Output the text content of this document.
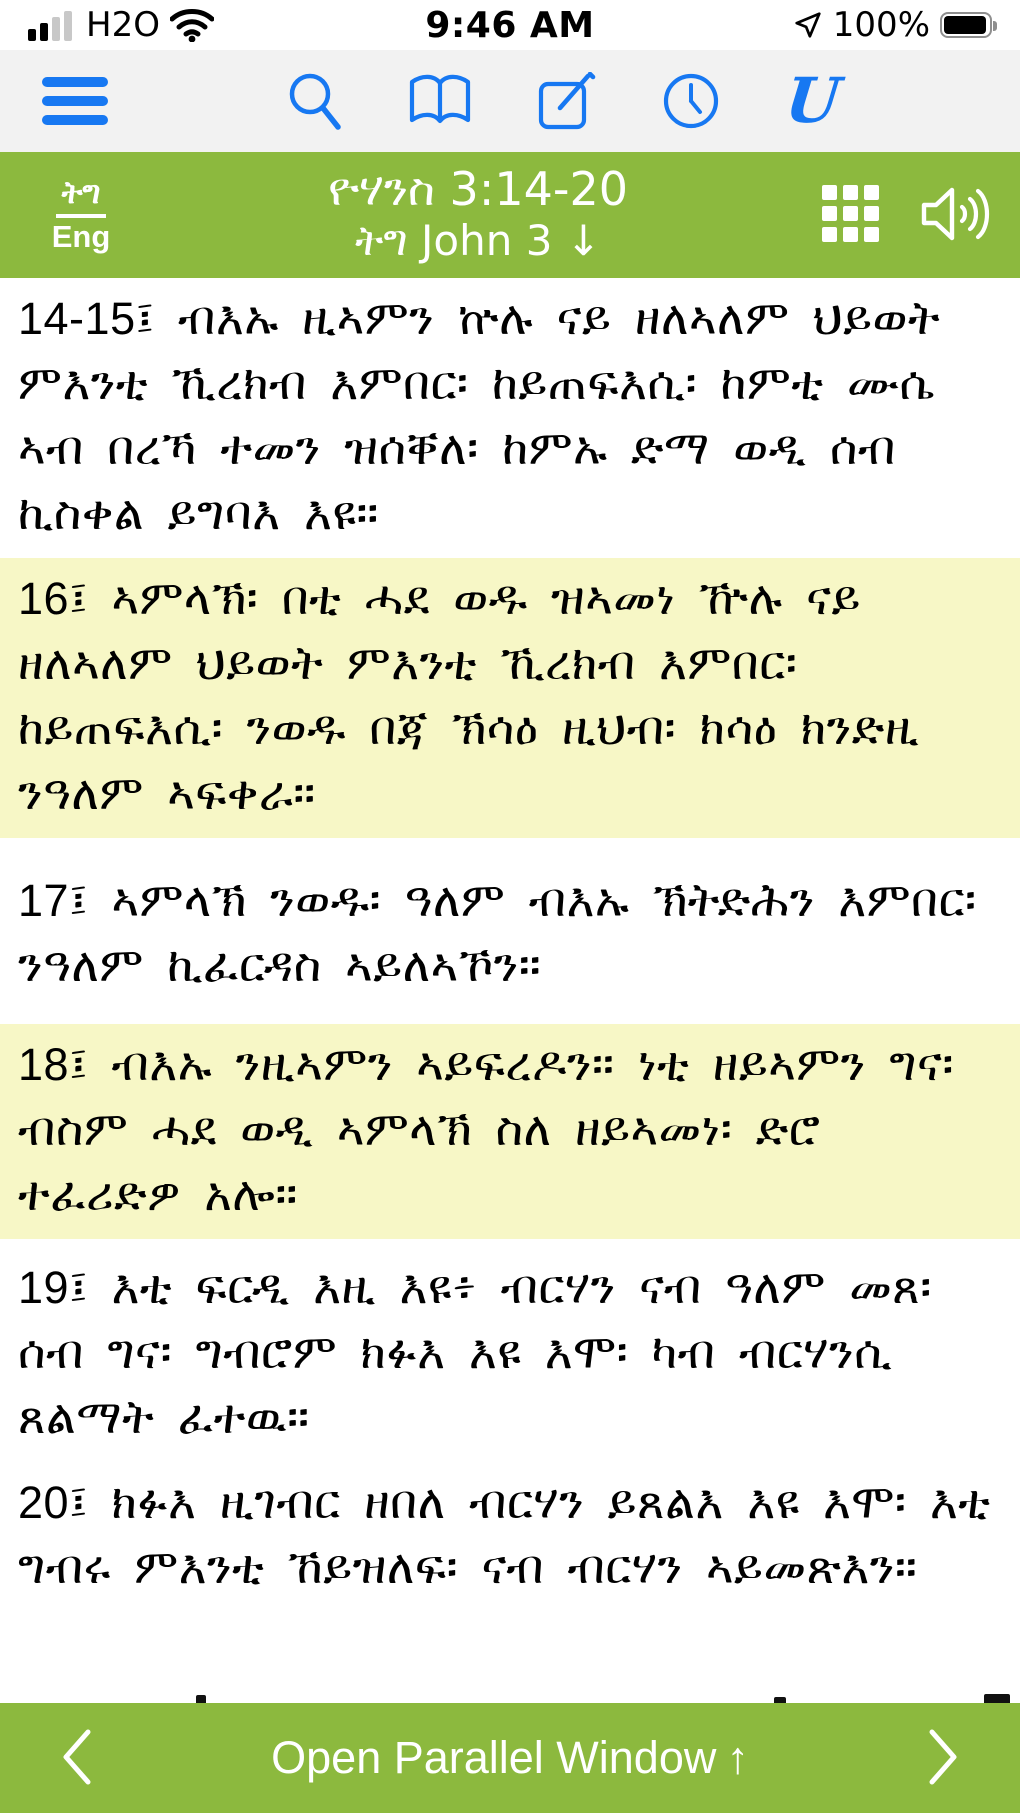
H2O	9:46 AM	100%
U
ትግ
Eng
ዮሃንስ 3:14-20
ትግ John 3 ↓

14-15፤ ብእኡ ዚኣምን ኵሉ ናይ ዘለኣለም ህይወት ምእንቲ ኺረክብ እምበር፡ ከይጠፍእሲ፡ ከምቲ ሙሴ ኣብ በረኻ ተመን ዝሰቐለ፡ ከምኡ ድማ ወዲ ሰብ ኪስቀል ይግባእ እዩ።

16፤ ኣምላኽ፡ በቲ ሓደ ወዱ ዝኣመነ ዅሉ ናይ ዘለኣለም ህይወት ምእንቲ ኺረክብ እምበር፡ ከይጠፍእሲ፡ ንወዱ በጃ ኽሳዕ ዚህብ፡ ክሳዕ ክንድዚ ንዓለም ኣፍቀራ።

17፤ ኣምላኽ ንወዱ፡ ዓለም ብእኡ ኽትድሕን እምበር፡ ንዓለም ኪፈርዳስ ኣይለኣኾን።

18፤ ብእኡ ንዚኣምን ኣይፍረዶን። ነቲ ዘይኣምን ግና፡ ብስም ሓደ ወዲ ኣምላኽ ስለ ዘይኣመነ፡ ድሮ ተፈሪድዎ አሎ።

19፤ እቲ ፍርዲ እዚ እዩ፥ ብርሃን ናብ ዓለም መጸ፡ ሰብ ግና፡ ግብሮም ክፉእ እዩ እሞ፡ ካብ ብርሃንሲ ጸልማት ፈተዉ።

20፤ ክፉእ ዚገብር ዘበለ ብርሃን ይጸልእ እዩ እሞ፡ እቲ ግብሩ ምእንቲ ኸይዝለፍ፡ ናብ ብርሃን ኣይመጽእን።

Open Parallel Window ↑
